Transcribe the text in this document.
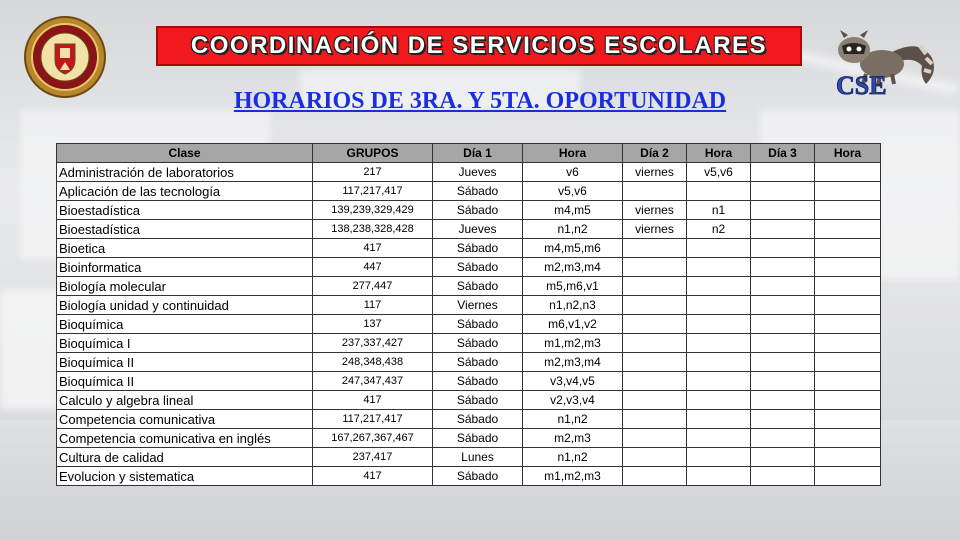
COORDINACIÓN DE SERVICIOS ESCOLARES
CSE
HORARIOS DE 3RA. Y 5TA. OPORTUNIDAD
Clase	GRUPOS	Día 1	Hora	Día 2	Hora	Día 3	Hora
Administración de laboratorios	217	Jueves	v6	viernes	v5,v6		
Aplicación de las tecnología	117,217,417	Sábado	v5,v6				
Bioestadística	139,239,329,429	Sábado	m4,m5	viernes	n1		
Bioestadística	138,238,328,428	Jueves	n1,n2	viernes	n2		
Bioetica	417	Sábado	m4,m5,m6				
Bioinformatica	447	Sábado	m2,m3,m4				
Biología molecular	277,447	Sábado	m5,m6,v1				
Biología unidad y continuidad	117	Viernes	n1,n2,n3				
Bioquímica	137	Sábado	m6,v1,v2				
Bioquímica I	237,337,427	Sábado	m1,m2,m3				
Bioquímica II	248,348,438	Sábado	m2,m3,m4				
Bioquímica II	247,347,437	Sábado	v3,v4,v5				
Calculo y algebra lineal	417	Sábado	v2,v3,v4				
Competencia comunicativa	117,217,417	Sábado	n1,n2				
Competencia comunicativa en inglés	167,267,367,467	Sábado	m2,m3				
Cultura de calidad	237,417	Lunes	n1,n2				
Evolucion y sistematica	417	Sábado	m1,m2,m3				
